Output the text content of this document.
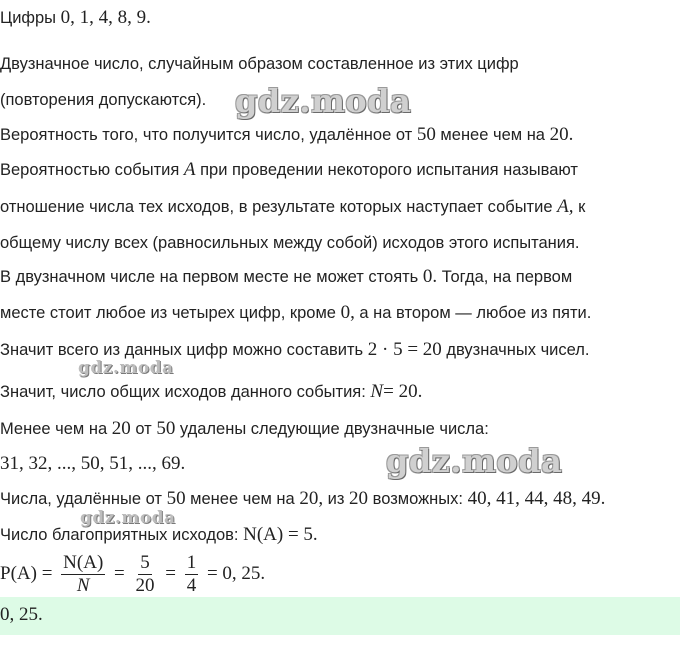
Цифры 0, 1, 4, 8, 9.
Двузначное число, случайным образом составленное из этих цифр
(повторения допускаются).
Вероятность того, что получится число, удалённое от 50 менее чем на 20.
Вероятностью события A при проведении некоторого испытания называют
отношение числа тех исходов, в результате которых наступает событие A, к
общему числу всех (равносильных между собой) исходов этого испытания.
В двузначном числе на первом месте не может стоять 0. Тогда, на первом
месте стоит любое из четырех цифр, кроме 0, а на втором — любое из пяти.
Значит всего из данных цифр можно составить 2 · 5 = 20 двузначных чисел.
Значит, число общих исходов данного события: N= 20.
Менее чем на 20 от 50 удалены следующие двузначные числа:
31, 32, ..., 50, 51, ..., 69.
Числа, удалённые от 50 менее чем на 20, из 20 возможных: 40, 41, 44, 48, 49.
Число благоприятных исходов: N(A) = 5.
$P(A) = \frac{N(A)}{N} = \frac{5}{20} = \frac{1}{4} = 0$, 25.
0, 25.
gdz.moda
gdz.moda
gdz.moda
gdz.moda
